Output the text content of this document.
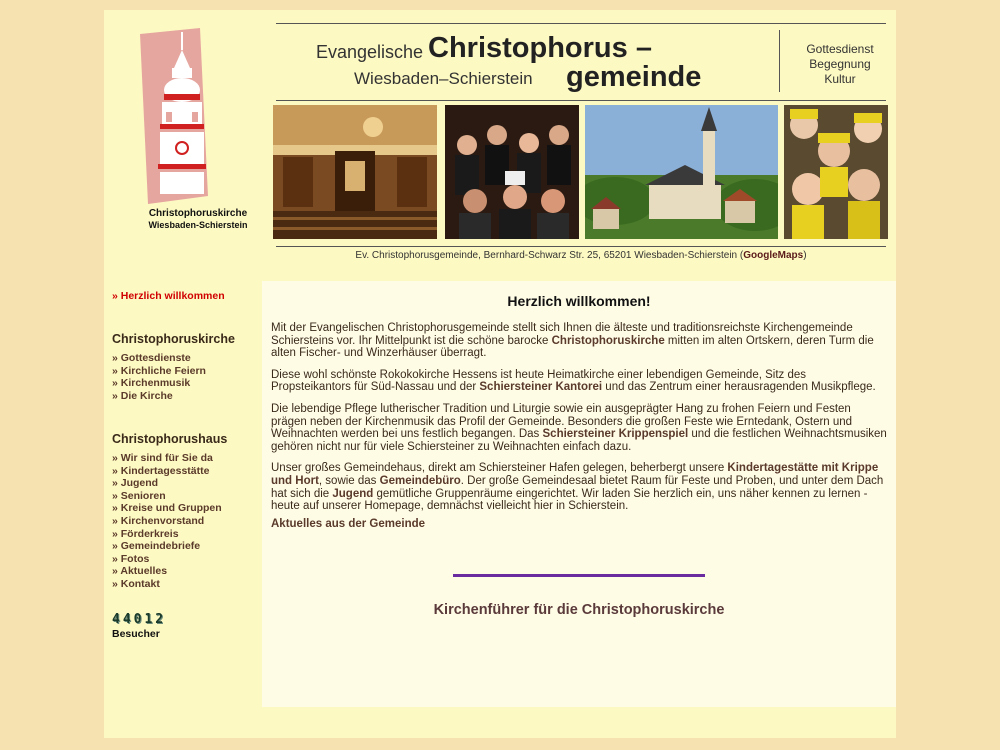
Christophoruskirche
Wiesbaden-Schierstein
Evangelische Christophorus –
Wiesbaden–Schierstein gemeinde
Gottesdienst
Begegnung
Kultur
Ev. Christophorusgemeinde, Bernhard-Schwarz Str. 25, 65201 Wiesbaden-Schierstein (GoogleMaps)
» Herzlich willkommen
Christophoruskirche
» Gottesdienste
» Kirchliche Feiern
» Kirchenmusik
» Die Kirche
Christophorushaus
» Wir sind für Sie da
» Kindertagesstätte
» Jugend
» Senioren
» Kreise und Gruppen
» Kirchenvorstand
» Förderkreis
» Gemeindebriefe
» Fotos
» Aktuelles
» Kontakt
44012
Besucher
Herzlich willkommen!

Mit der Evangelischen Christophorusgemeinde stellt sich Ihnen die älteste und traditionsreichste Kirchengemeinde Schiersteins vor. Ihr Mittelpunkt ist die schöne barocke Christophoruskirche mitten im alten Ortskern, deren Turm die alten Fischer- und Winzerhäuser überragt.

Diese wohl schönste Rokokokirche Hessens ist heute Heimatkirche einer lebendigen Gemeinde, Sitz des Propsteikantors für Süd-Nassau und der Schiersteiner Kantorei und das Zentrum einer herausragenden Musikpflege.

Die lebendige Pflege lutherischer Tradition und Liturgie sowie ein ausgeprägter Hang zu frohen Feiern und Festen prägen neben der Kirchenmusik das Profil der Gemeinde. Besonders die großen Feste wie Erntedank, Ostern und Weihnachten werden bei uns festlich begangen. Das Schiersteiner Krippenspiel und die festlichen Weihnachtsmusiken gehören nicht nur für viele Schiersteiner zu Weihnachten einfach dazu.

Unser großes Gemeindehaus, direkt am Schiersteiner Hafen gelegen, beherbergt unsere Kindertagestätte mit Krippe und Hort, sowie das Gemeindebüro. Der große Gemeindesaal bietet Raum für Feste und Proben, und unter dem Dach hat sich die Jugend gemütliche Gruppenräume eingerichtet. Wir laden Sie herzlich ein, uns näher kennen zu lernen - heute auf unserer Homepage, demnächst vielleicht hier in Schierstein.

Aktuelles aus der Gemeinde
Kirchenführer für die Christophoruskirche
